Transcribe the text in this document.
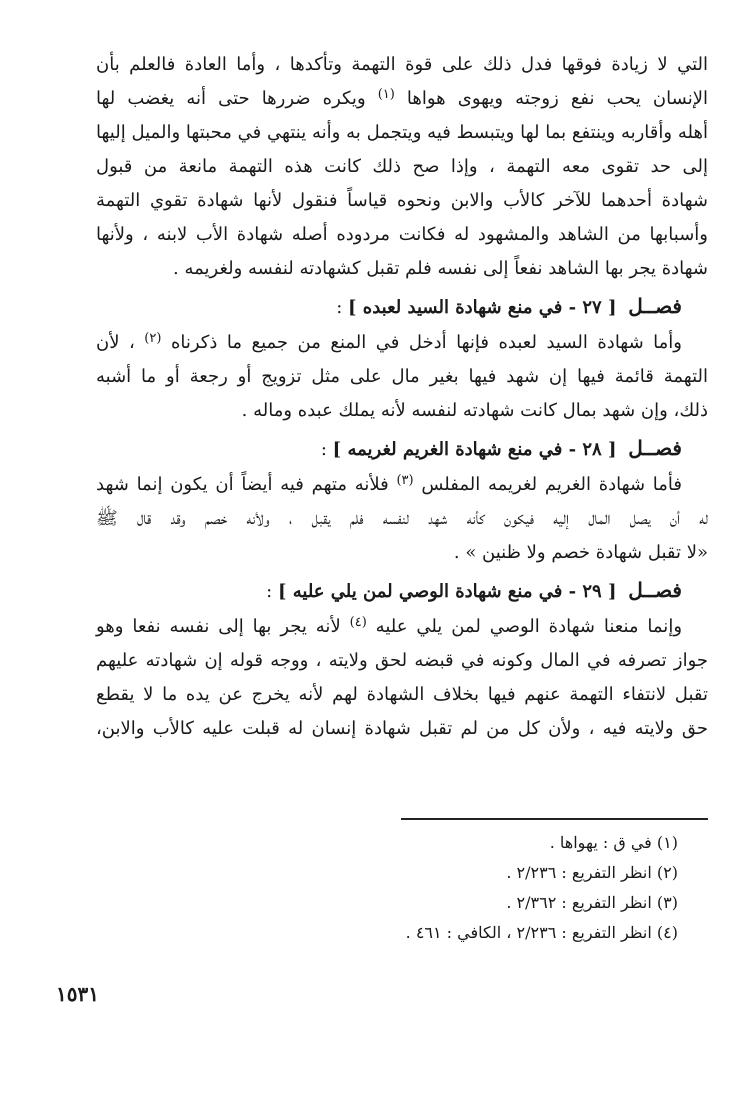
التي لا زيادة فوقها فدل ذلك على قوة التهمة وتأكدها ، وأما العادة فالعلم بأن
الإنسان يحب نفع زوجته ويهوى هواها $^{(١)}$ ويكره ضررها حتى أنه يغضب لها
أهله وأقاربه وينتفع بما لها ويتبسط فيه ويتجمل به وأنه ينتهي في محبتها والميل إليها
إلى حد تقوى معه التهمة ، وإذا صح ذلك كانت هذه التهمة مانعة من قبول
شهادة أحدهما للآخر كالأب والابن ونحوه قياساً فنقول لأنها شهادة تقوي التهمة
وأسبابها من الشاهد والمشهود له فكانت مردوده أصله شهادة الأب لابنه ، ولأنها
شهادة يجر بها الشاهد نفعاً إلى نفسه فلم تقبل كشهادته لنفسه ولغريمه .
فصــل [ ٢٧ - في منع شهادة السيد لعبده ] :
وأما شهادة السيد لعبده فإنها أدخل في المنع من جميع ما ذكرناه $^{(٢)}$ ، لأن
التهمة قائمة فيها إن شهد فيها بغير مال على مثل تزويج أو رجعة أو ما أشبه
ذلك، وإن شهد بمال كانت شهادته لنفسه لأنه يملك عبده وماله .
فصــل [ ٢٨ - في منع شهادة الغريم لغريمه ] :
فأما شهادة الغريم لغريمه المفلس $^{(٣)}$ فلأنه متهم فيه أيضاً أن يكون إنما شهد
له أن يصل المال إليه فيكون كأنه شهد لنفسه فلم يقبل ، ولأنه خصم وقد قال ﷺ
«لا تقبل شهادة خصم ولا ظنين » .
فصــل [ ٢٩ - في منع شهادة الوصي لمن يلي عليه ] :
وإنما منعنا شهادة الوصي لمن يلي عليه $^{(٤)}$ لأنه يجر بها إلى نفسه نفعا وهو
جواز تصرفه في المال وكونه في قبضه لحق ولايته ، ووجه قوله إن شهادته عليهم
تقبل لانتفاء التهمة عنهم فيها بخلاف الشهادة لهم لأنه يخرج عن يده ما لا يقطع
حق ولايته فيه ، ولأن كل من لم تقبل شهادة إنسان له قبلت عليه كالأب والابن،
(١) في ق : يهواها .
(٢) انظر التفريع : ٢/٢٣٦ .
(٣) انظر التفريع : ٢/٣٦٢ .
(٤) انظر التفريع : ٢/٢٣٦ ، الكافي : ٤٦١ .
١٥٣١
